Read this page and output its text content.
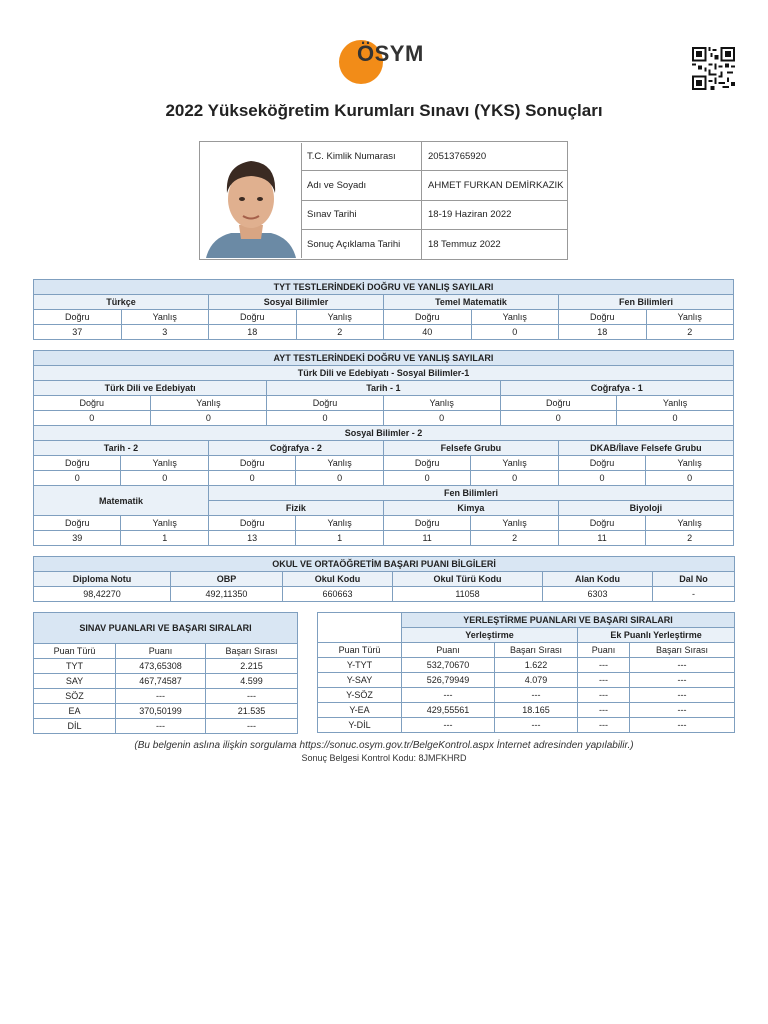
ÖSYM
2022 Yükseköğretim Kurumları Sınavı (YKS) Sonuçları
T.C. Kimlik Numarası	20513765920
Adı ve Soyadı	AHMET FURKAN DEMİRKAZIK
Sınav Tarihi	18-19 Haziran 2022
Sonuç Açıklama Tarihi	18 Temmuz 2022
TYT TESTLERİNDEKİ DOĞRU VE YANLIŞ SAYILARI							
Türkçe		Sosyal Bilimler		Temel Matematik		Fen Bilimleri	
Doğru	Yanlış	Doğru	Yanlış	Doğru	Yanlış	Doğru	Yanlış
37	3	18	2	40	0	18	2
AYT TESTLERİNDEKİ DOĞRU VE YANLIŞ SAYILARI											
Türk Dili ve Edebiyatı - Sosyal Bilimler-1											
Türk Dili ve Edebiyatı				Tarih - 1				Coğrafya - 1			
Doğru		Yanlış		Doğru		Yanlış		Doğru		Yanlış	
0		0		0		0		0		0	
Sosyal Bilimler - 2											
Tarih - 2			Coğrafya - 2			Felsefe Grubu			DKAB/İlave Felsefe Grubu		
Doğru	Yanlış		Doğru		Yanlış	Doğru	Yanlış		Doğru		Yanlış
0	0		0		0	0	0		0		0
Matematik			Fen Bilimleri								
			Fizik			Kimya			Biyoloji		
Doğru	Yanlış		Doğru		Yanlış	Doğru	Yanlış		Doğru		Yanlış
39	1		13		1	11	2		11		2
OKUL VE ORTAÖĞRETİM BAŞARI PUANI BİLGİLERİ					
Diploma Notu	OBP	Okul Kodu	Okul Türü Kodu	Alan Kodu	Dal No
98,42270	492,11350	660663	11058	6303	-
SINAV PUANLARI VE BAŞARI SIRALARI		

Puan Türü	Puanı	Başarı Sırası
TYT	473,65308	2.215
SAY	467,74587	4.599
SÖZ	---	---
EA	370,50199	21.535
DİL	---	---
	YERLEŞTİRME PUANLARI VE BAŞARI SIRALARI			
	Yerleştirme		Ek Puanlı Yerleştirme	
Puan Türü	Puanı	Başarı Sırası	Puanı	Başarı Sırası
Y-TYT	532,70670	1.622	---	---
Y-SAY	526,79949	4.079	---	---
Y-SÖZ	---	---	---	---
Y-EA	429,55561	18.165	---	---
Y-DİL	---	---	---	---
(Bu belgenin aslına ilişkin sorgulama https://sonuc.osym.gov.tr/BelgeKontrol.aspx İnternet adresinden yapılabilir.)
Sonuç Belgesi Kontrol Kodu: 8JMFKHRD
